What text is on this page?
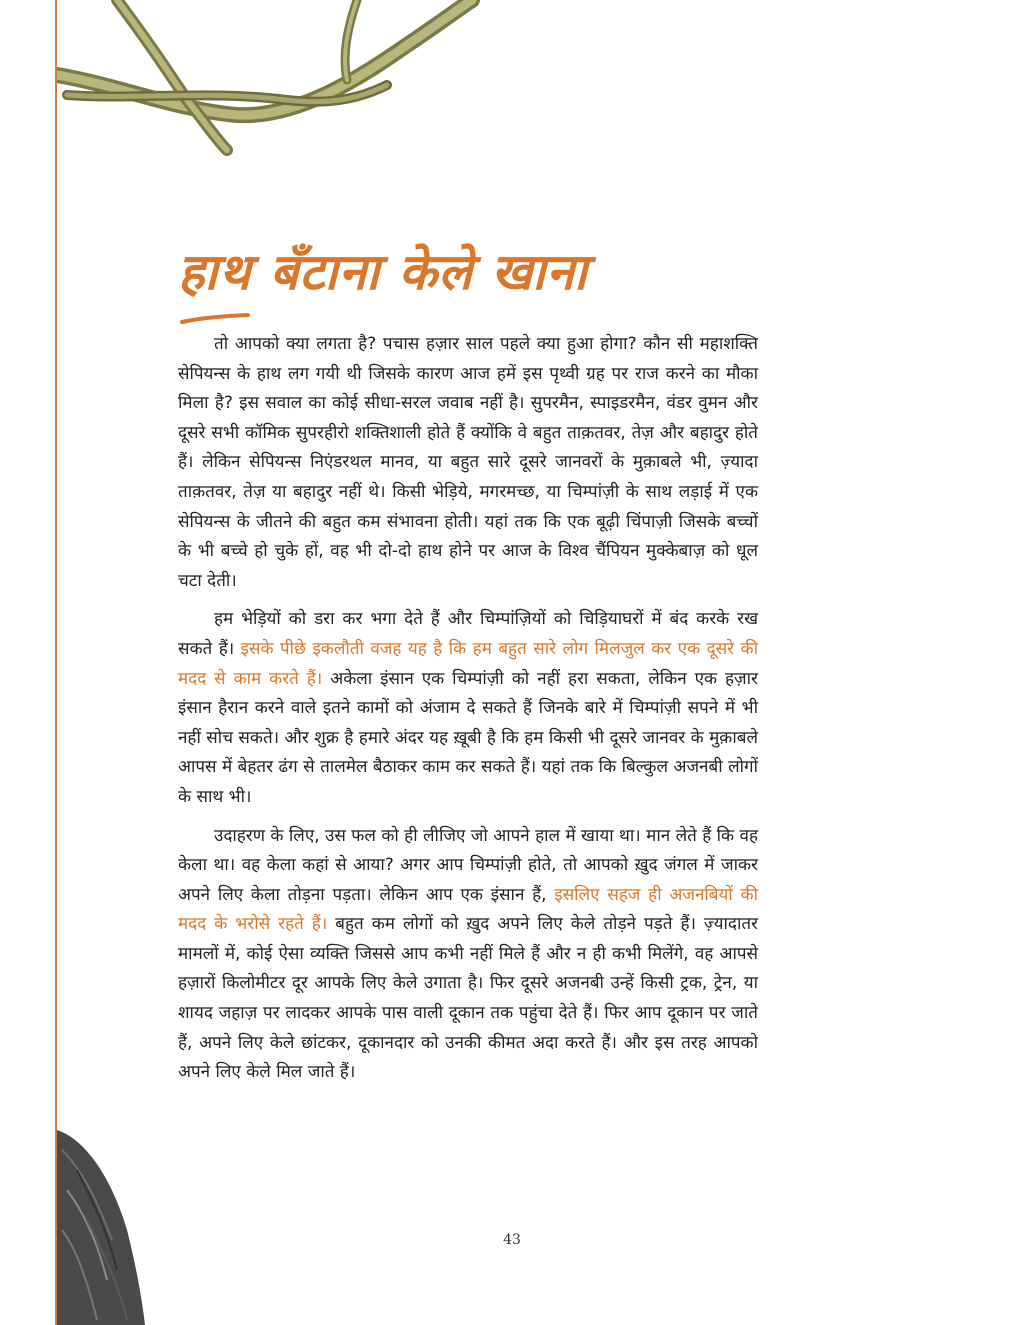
हाथ बँटाना केले खाना

तो आपको क्या लगता है? पचास हज़ार साल पहले क्या हुआ होगा? कौन सी महाशक्ति सेपियन्स के हाथ लग गयी थी जिसके कारण आज हमें इस पृथ्वी ग्रह पर राज करने का मौका मिला है? इस सवाल का कोई सीधा-सरल जवाब नहीं है। सुपरमैन, स्पाइडरमैन, वंडर वुमन और दूसरे सभी कॉमिक सुपरहीरो शक्तिशाली होते हैं क्योंकि वे बहुत ताक़तवर, तेज़ और बहादुर होते हैं। लेकिन सेपियन्स निएंडरथल मानव, या बहुत सारे दूसरे जानवरों के मुक़ाबले भी, ज़्यादा ताक़तवर, तेज़ या बहादुर नहीं थे। किसी भेड़िये, मगरमच्छ, या चिम्पांज़ी के साथ लड़ाई में एक सेपियन्स के जीतने की बहुत कम संभावना होती। यहां तक कि एक बूढ़ी चिंपाज़ी जिसके बच्चों के भी बच्चे हो चुके हों, वह भी दो-दो हाथ होने पर आज के विश्व चैंपियन मुक्केबाज़ को धूल चटा देती।

हम भेड़ियों को डरा कर भगा देते हैं और चिम्पांज़ियों को चिड़ियाघरों में बंद करके रख सकते हैं। इसके पीछे इकलौती वजह यह है कि हम बहुत सारे लोग मिलजुल कर एक दूसरे की मदद से काम करते हैं। अकेला इंसान एक चिम्पांज़ी को नहीं हरा सकता, लेकिन एक हज़ार इंसान हैरान करने वाले इतने कामों को अंजाम दे सकते हैं जिनके बारे में चिम्पांज़ी सपने में भी नहीं सोच सकते। और शुक्र है हमारे अंदर यह ख़ूबी है कि हम किसी भी दूसरे जानवर के मुक़ाबले आपस में बेहतर ढंग से तालमेल बैठाकर काम कर सकते हैं। यहां तक कि बिल्कुल अजनबी लोगों के साथ भी।

उदाहरण के लिए, उस फल को ही लीजिए जो आपने हाल में खाया था। मान लेते हैं कि वह केला था। वह केला कहां से आया? अगर आप चिम्पांज़ी होते, तो आपको ख़ुद जंगल में जाकर अपने लिए केला तोड़ना पड़ता। लेकिन आप एक इंसान हैं, इसलिए सहज ही अजनबियों की मदद के भरोसे रहते हैं। बहुत कम लोगों को ख़ुद अपने लिए केले तोड़ने पड़ते हैं। ज़्यादातर मामलों में, कोई ऐसा व्यक्ति जिससे आप कभी नहीं मिले हैं और न ही कभी मिलेंगे, वह आपसे हज़ारों किलोमीटर दूर आपके लिए केले उगाता है। फिर दूसरे अजनबी उन्हें किसी ट्रक, ट्रेन, या शायद जहाज़ पर लादकर आपके पास वाली दूकान तक पहुंचा देते हैं। फिर आप दूकान पर जाते हैं, अपने लिए केले छांटकर, दूकानदार को उनकी कीमत अदा करते हैं। और इस तरह आपको अपने लिए केले मिल जाते हैं।

43
